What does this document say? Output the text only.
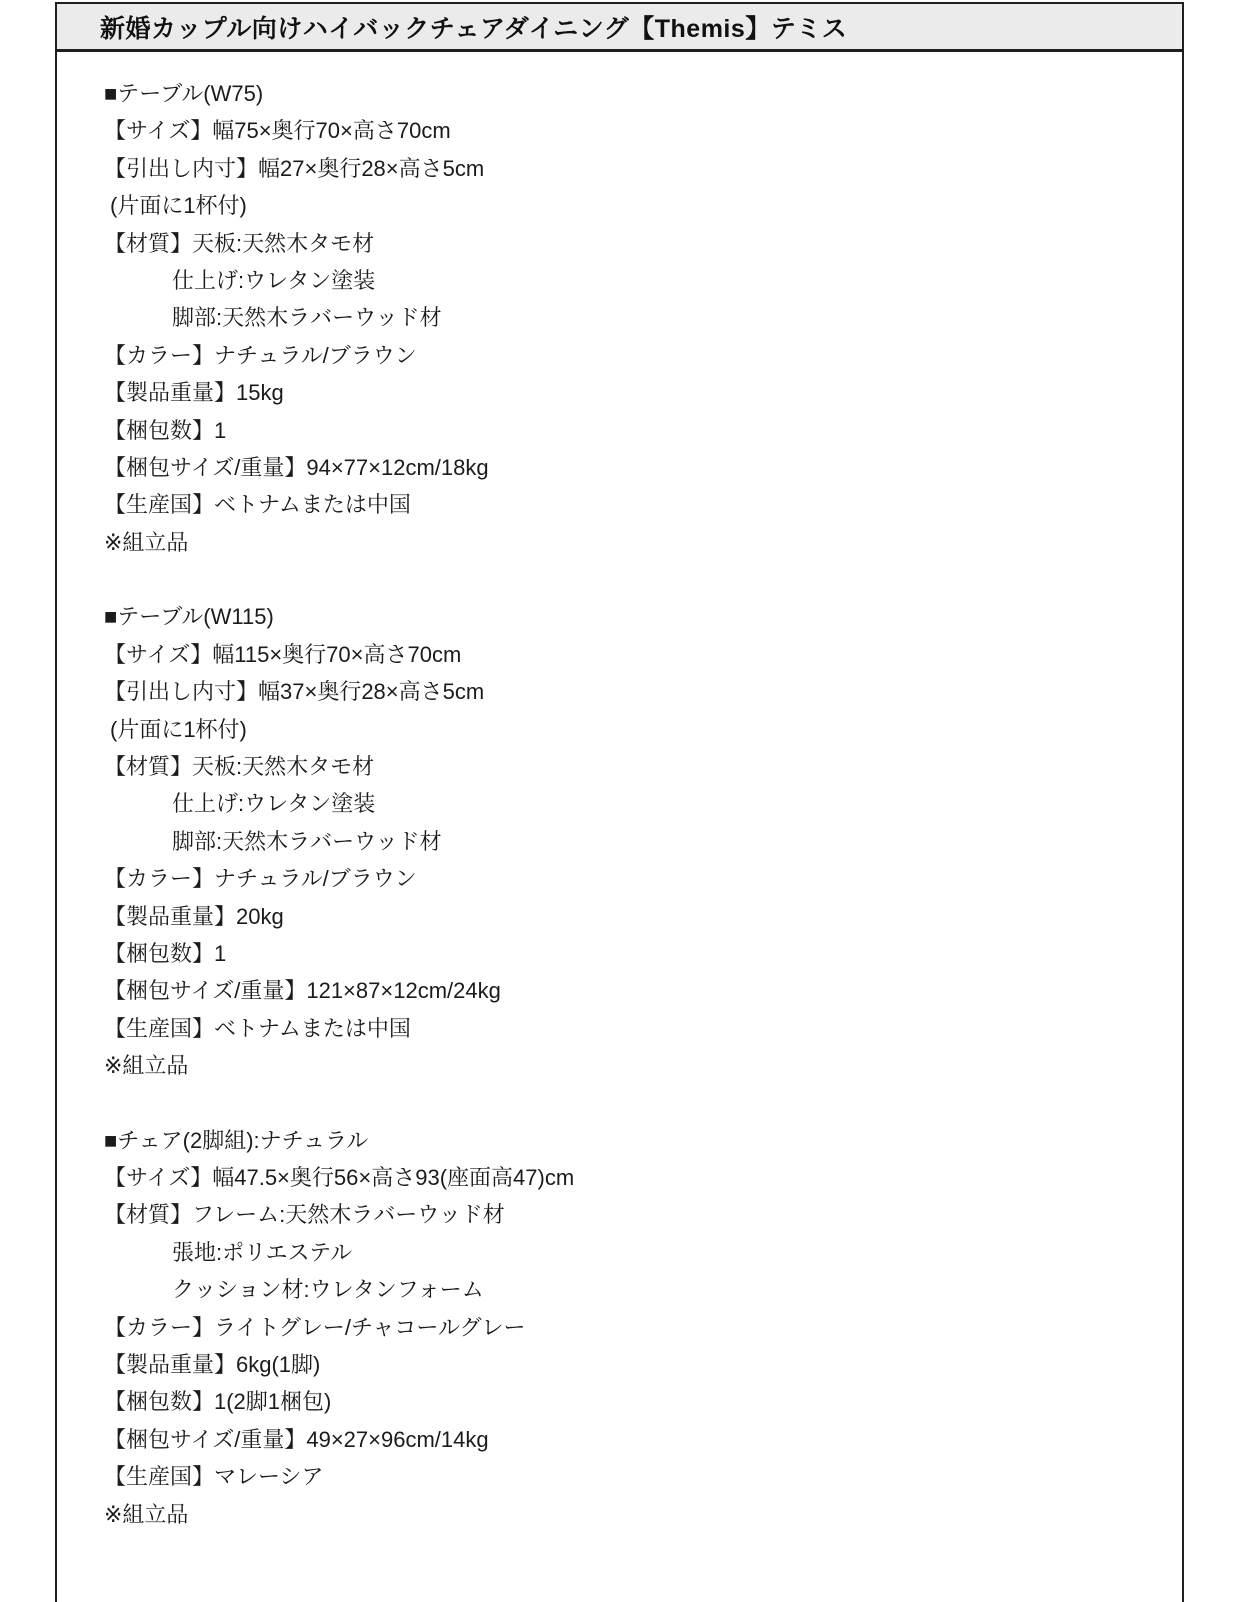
新婚カップル向けハイバックチェアダイニング【Themis】テミス
■テーブル(W75)
【サイズ】幅75×奥行70×高さ70cm
【引出し内寸】幅27×奥行28×高さ5cm
(片面に1杯付)
【材質】天板:天然木タモ材
仕上げ:ウレタン塗装
脚部:天然木ラバーウッド材
【カラー】ナチュラル/ブラウン
【製品重量】15kg
【梱包数】1
【梱包サイズ/重量】94×77×12cm/18kg
【生産国】ベトナムまたは中国
※組立品
■テーブル(W115)
【サイズ】幅115×奥行70×高さ70cm
【引出し内寸】幅37×奥行28×高さ5cm
(片面に1杯付)
【材質】天板:天然木タモ材
仕上げ:ウレタン塗装
脚部:天然木ラバーウッド材
【カラー】ナチュラル/ブラウン
【製品重量】20kg
【梱包数】1
【梱包サイズ/重量】121×87×12cm/24kg
【生産国】ベトナムまたは中国
※組立品
■チェア(2脚組):ナチュラル
【サイズ】幅47.5×奥行56×高さ93(座面高47)cm
【材質】フレーム:天然木ラバーウッド材
張地:ポリエステル
クッション材:ウレタンフォーム
【カラー】ライトグレー/チャコールグレー
【製品重量】6kg(1脚)
【梱包数】1(2脚1梱包)
【梱包サイズ/重量】49×27×96cm/14kg
【生産国】マレーシア
※組立品
